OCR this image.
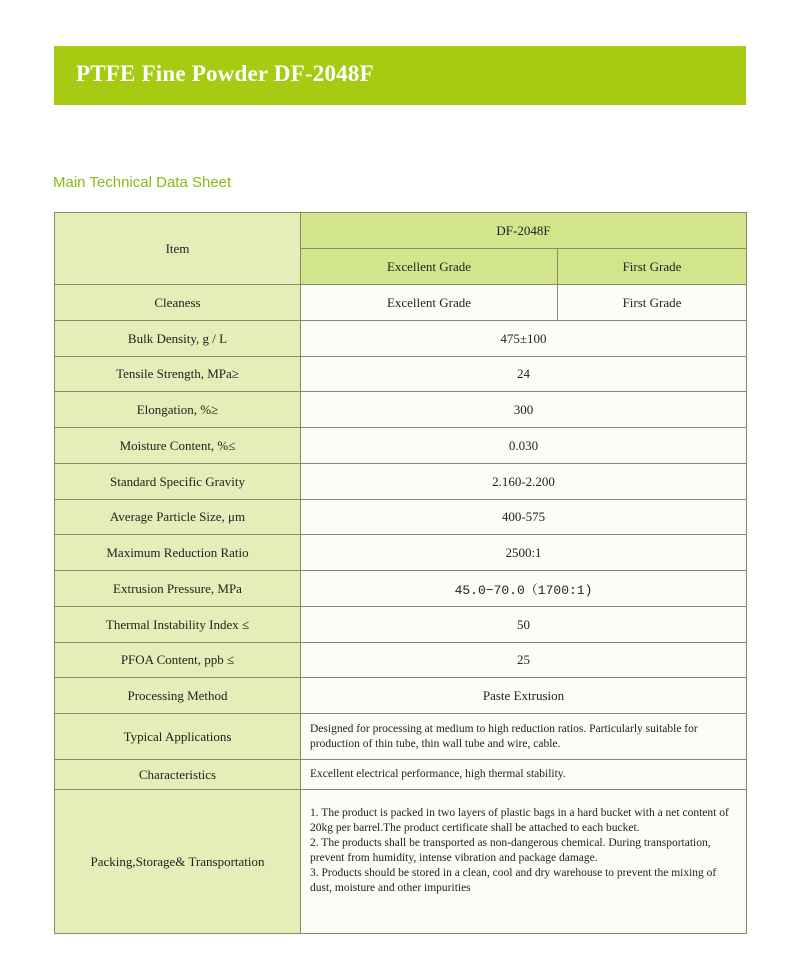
PTFE Fine Powder DF-2048F
Main Technical Data Sheet
Item	DF-2048F	
	Excellent Grade	First Grade
Cleaness	Excellent Grade	First Grade
Bulk Density, g / L	475±100	
Tensile Strength, MPa≥	24	
Elongation, %≥	300	
Moisture Content, %≤	0.030	
Standard Specific Gravity	2.160-2.200	
Average Particle Size, μm	400-575	
Maximum Reduction Ratio	2500:1	
Extrusion Pressure, MPa	45.0−70.0（1700:1)	
Thermal Instability Index ≤	50	
PFOA Content, ppb ≤	25	
Processing Method	Paste Extrusion	
Typical Applications	Designed for processing at medium to high reduction ratios. Particularly suitable for production of thin tube, thin wall tube and wire, cable.	
Characteristics	Excellent electrical performance, high thermal stability.	
Packing,Storage& Transportation	1. The product is packed in two layers of plastic bags in a hard bucket with a net content of 20kg per barrel.The product certificate shall be attached to each bucket.
2. The products shall be transported as non-dangerous chemical. During transportation, prevent from humidity, intense vibration and package damage.
3. Products should be stored in a clean, cool and dry warehouse to prevent the mixing of dust, moisture and other impurities	
